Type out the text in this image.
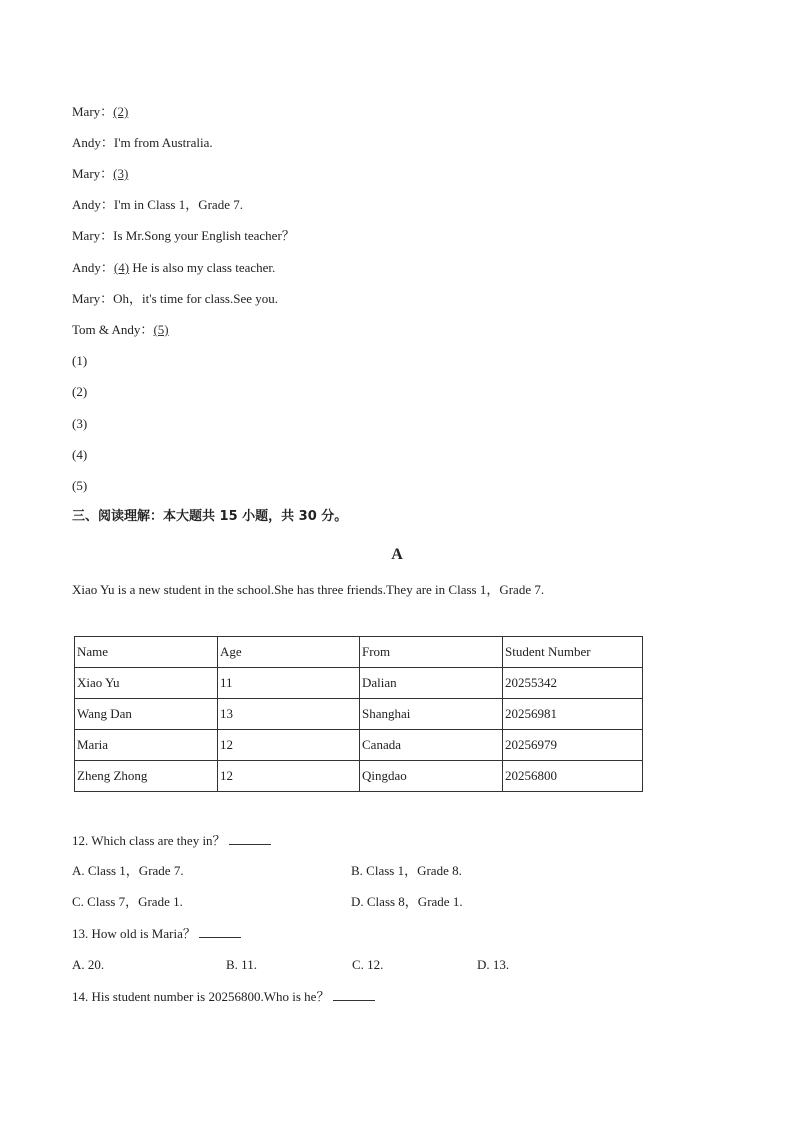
Mary：(2)
Andy：I'm from Australia.
Mary：(3)
Andy：I'm in Class 1，Grade 7.
Mary：Is Mr.Song your English teacher？
Andy：(4) He is also my class teacher.
Mary：Oh，it's time for class.See you.
Tom & Andy：(5)
(1)
(2)
(3)
(4)
(5)
三、阅读理解：本大题共 15 小题，共 30 分。
A
Xiao Yu is a new student in the school.She has three friends.They are in Class 1，Grade 7.
Name	Age	From	Student Number
Xiao Yu	11	Dalian	20255342
Wang Dan	13	Shanghai	20256981
Maria	12	Canada	20256979
Zheng Zhong	12	Qingdao	20256800
12. Which class are they in？
A. Class 1，Grade 7.	B. Class 1，Grade 8.
C. Class 7，Grade 1.	D. Class 8，Grade 1.
13. How old is Maria？
A. 20.	B. 11.	C. 12.	D. 13.
14. His student number is 20256800.Who is he？
